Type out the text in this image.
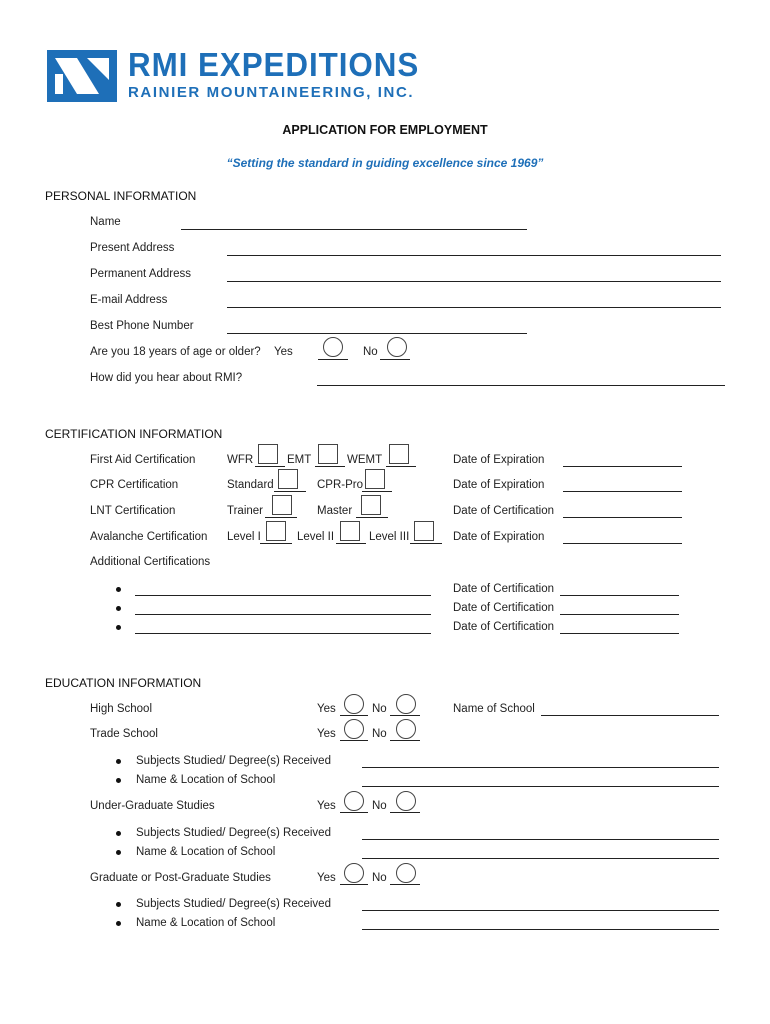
RMI EXPEDITIONS
RAINIER MOUNTAINEERING, INC.
APPLICATION FOR EMPLOYMENT
“Setting the standard in guiding excellence since 1969”
PERSONAL INFORMATION
Name
Present Address
Permanent Address
E-mail Address
Best Phone Number
Are you 18 years of age or older? Yes	No
How did you hear about RMI?
CERTIFICATION INFORMATION
First Aid Certification	WFR	EMT	WEMT	Date of Expiration
CPR Certification	Standard	CPR-Pro	Date of Expiration
LNT Certification	Trainer	Master	Date of Certification
Avalanche Certification Level I	Level II	Level III	Date of Expiration
Additional Certifications
Date of Certification
Date of Certification
Date of Certification
EDUCATION INFORMATION
High School	Yes	No	Name of School
Trade School	Yes	No
Subjects Studied/ Degree(s) Received
Name & Location of School
Under-Graduate Studies	Yes	No
Subjects Studied/ Degree(s) Received
Name & Location of School
Graduate or Post-Graduate Studies	Yes	No
Subjects Studied/ Degree(s) Received
Name & Location of School
